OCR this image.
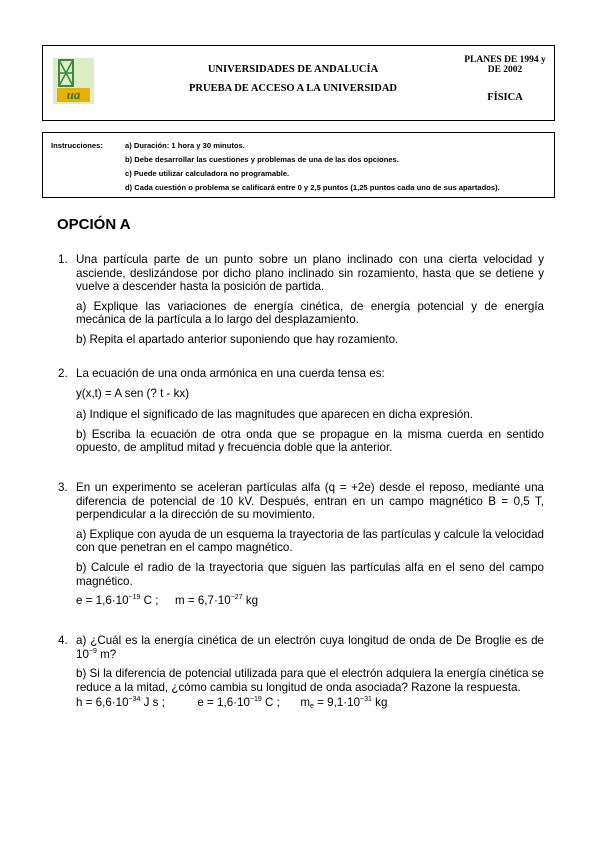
ua
UNIVERSIDADES DE ANDALUCÍA
PRUEBA DE ACCESO A LA UNIVERSIDAD
PLANES DE 1994 y
DE 2002
FÍSICA
Instrucciones:	a) Duración: 1 hora y 30 minutos.
b) Debe desarrollar las cuestiones y problemas de una de las dos opciones.
c) Puede utilizar calculadora no programable.
d) Cada cuestión o problema se calificará entre 0 y 2,5 puntos (1,25 puntos cada uno de sus apartados).
OPCIÓN A
1. Una partícula parte de un punto sobre un plano inclinado con una cierta velocidad y asciende, deslizándose por dicho plano inclinado sin rozamiento, hasta que se detiene y vuelve a descender hasta la posición de partida.

a) Explique las variaciones de energía cinética, de energía potencial y de energía mecánica de la partícula a lo largo del desplazamiento.

b) Repita el apartado anterior suponiendo que hay rozamiento.

2. La ecuación de una onda armónica en una cuerda tensa es:

y(x,t) = A sen (? t - kx)

a) Indique el significado de las magnitudes que aparecen en dicha expresión.

b) Escriba la ecuación de otra onda que se propague en la misma cuerda en sentido opuesto, de amplitud mitad y frecuencia doble que la anterior.

3. En un experimento se aceleran partículas alfa (q = +2e) desde el reposo, mediante una diferencia de potencial de 10 kV. Después, entran en un campo magnético B = 0,5 T, perpendicular a la dirección de su movimiento.

a) Explique con ayuda de un esquema la trayectoria de las partículas y calcule la velocidad con que penetran en el campo magnético.

b) Calcule el radio de la trayectoria que siguen las partículas alfa en el seno del campo magnético.

$e = 1,6\cdot 10^{-19}$ C ; $m = 6,7\cdot 10^{-27}$ kg

4. a) ¿Cuál es la energía cinética de un electrón cuya longitud de onda de De Broglie es de $10^{-9}$ m?

b) Si la diferencia de potencial utilizada para que el electrón adquiera la energía cinética se reduce a la mitad, ¿cómo cambia su longitud de onda asociada? Razone la respuesta.

$h = 6,6\cdot 10^{-34}$ J s ;	$e = 1,6\cdot 10^{-19}$ C ; $m_e = 9,1\cdot 10^{-31}$ kg
